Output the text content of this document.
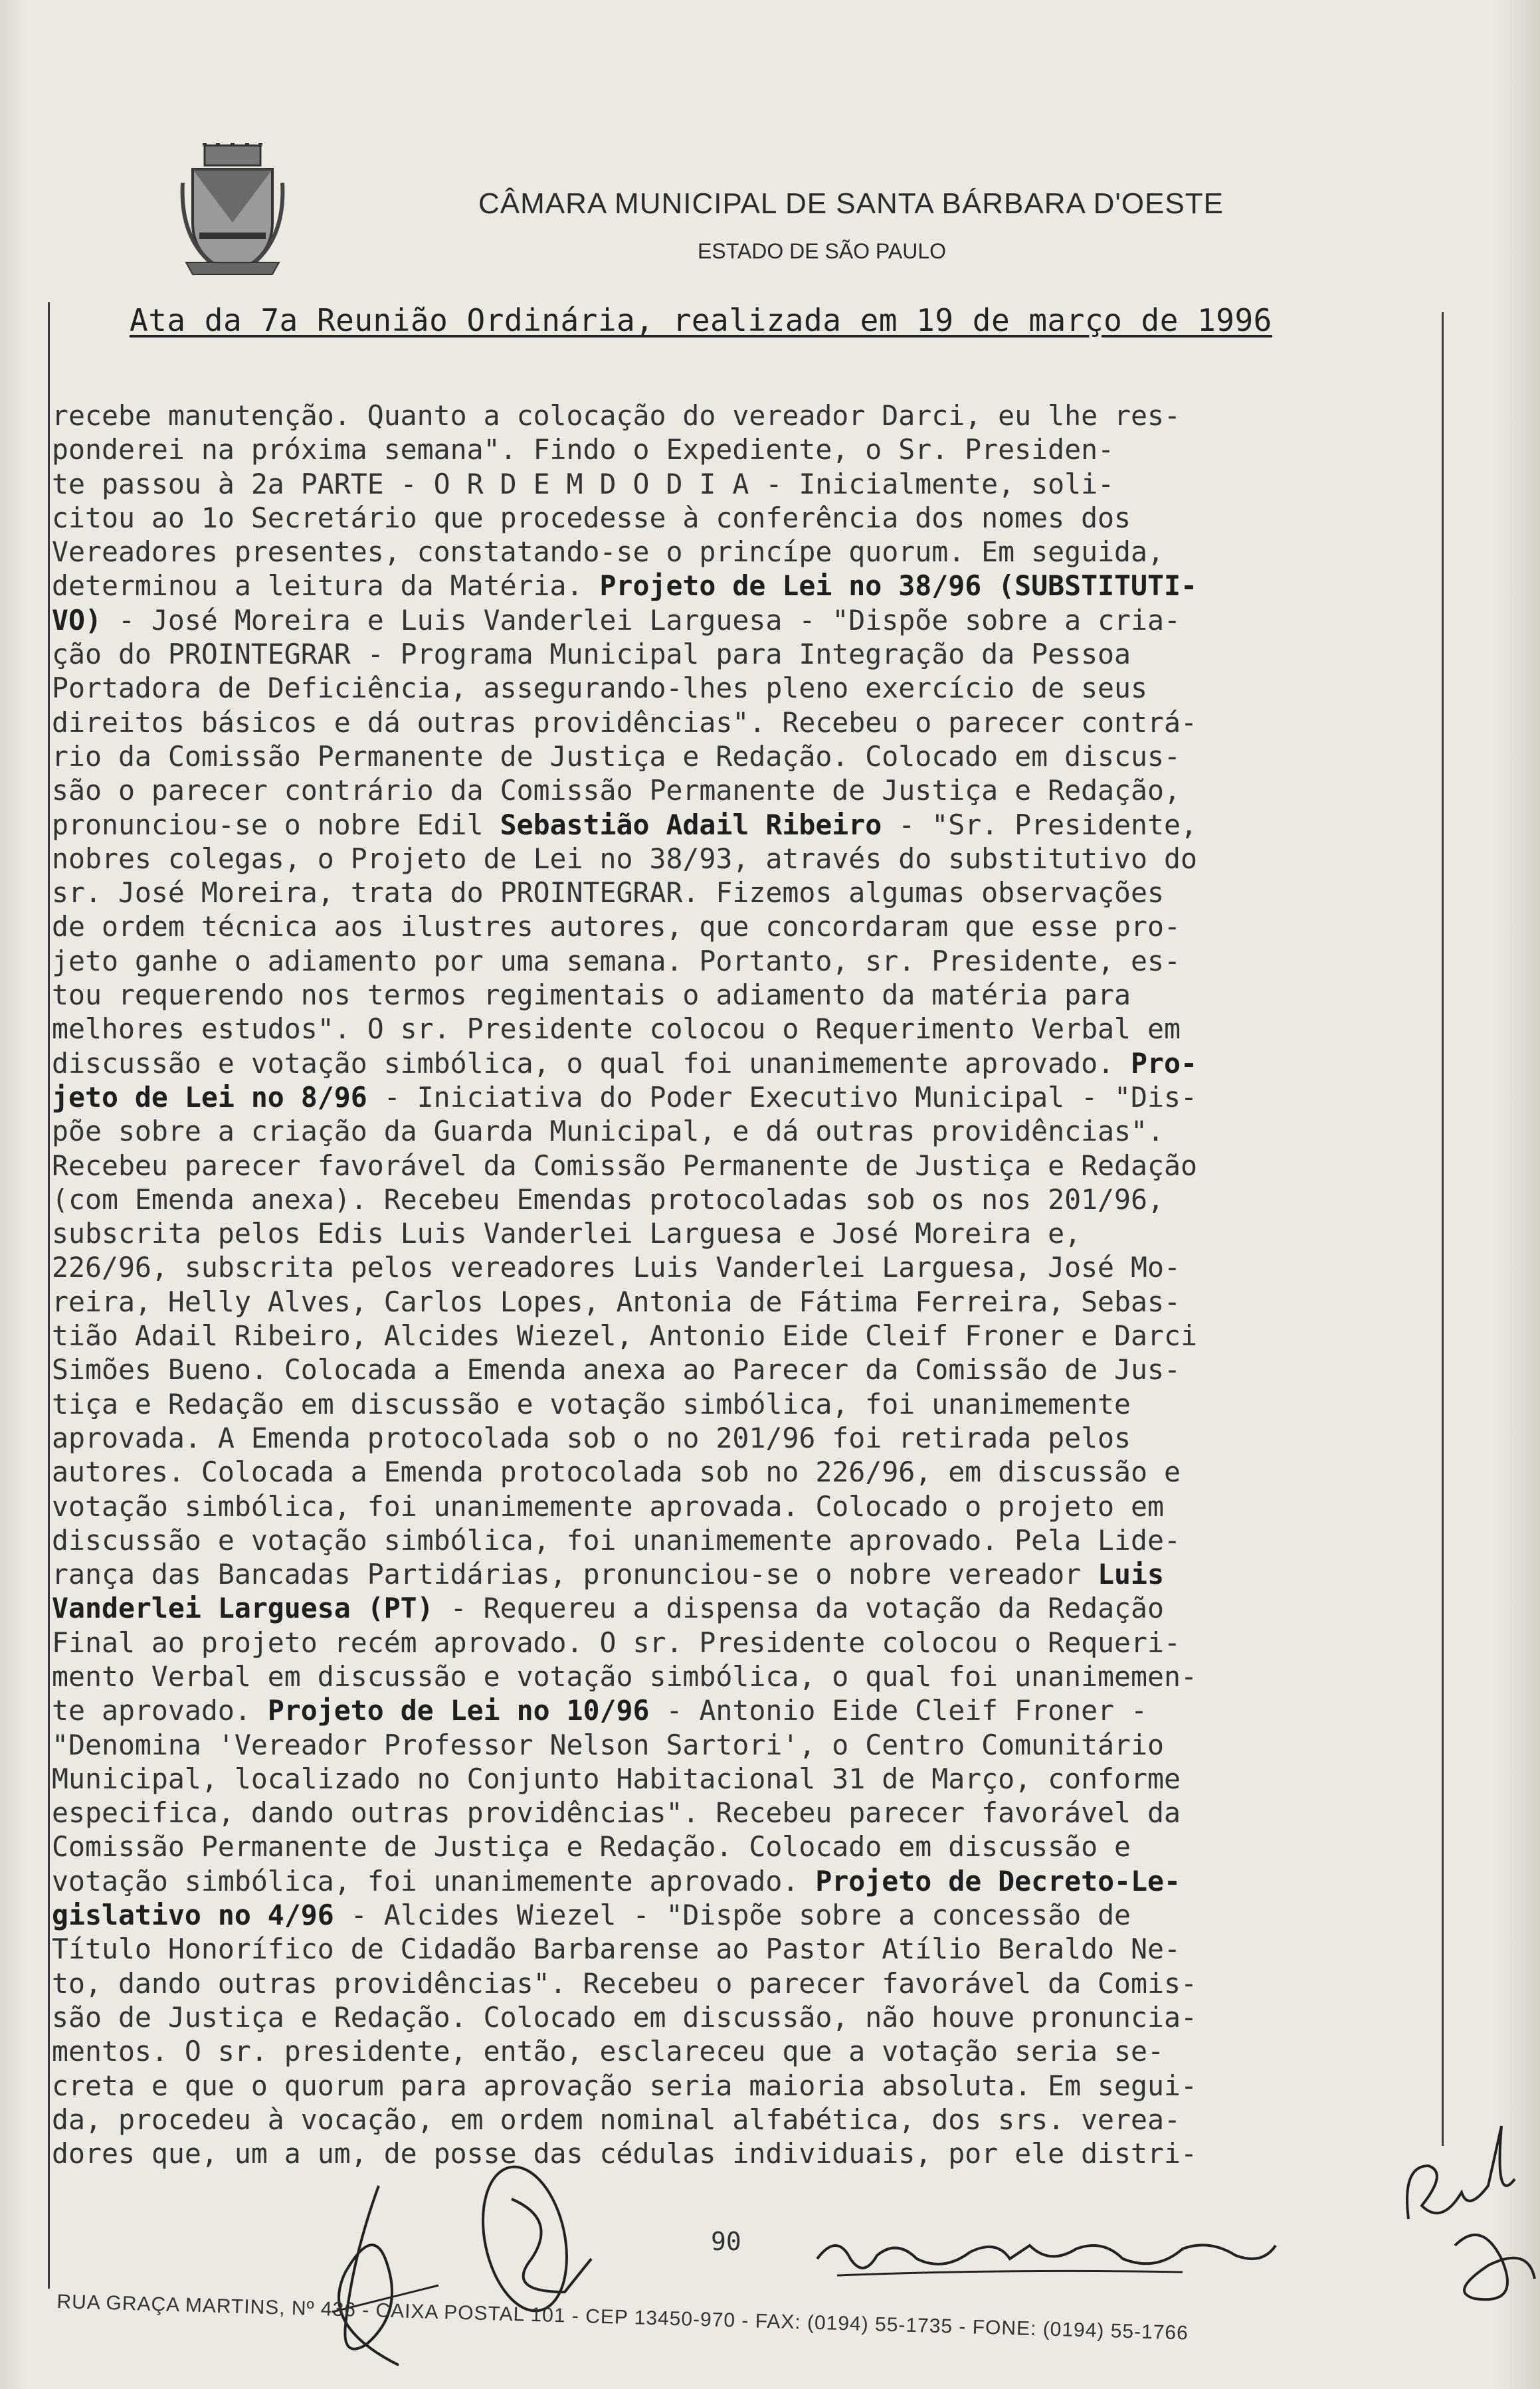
CÂMARA MUNICIPAL DE SANTA BÁRBARA D'OESTE
ESTADO DE SÃO PAULO
Ata da 7a Reunião Ordinária, realizada em 19 de março de 1996
recebe manutenção. Quanto a colocação do vereador Darci, eu lhe res-
ponderei na próxima semana". Findo o Expediente, o Sr. Presiden-
te passou à 2a PARTE - O R D E M D O D I A - Inicialmente, soli-
citou ao 1o Secretário que procedesse à conferência dos nomes dos
Vereadores presentes, constatando-se o princípe quorum. Em seguida,
determinou a leitura da Matéria. Projeto de Lei no 38/96 (SUBSTITUTI-
VO) - José Moreira e Luis Vanderlei Larguesa - "Dispõe sobre a cria-
ção do PROINTEGRAR - Programa Municipal para Integração da Pessoa
Portadora de Deficiência, assegurando-lhes pleno exercício de seus
direitos básicos e dá outras providências". Recebeu o parecer contrá-
rio da Comissão Permanente de Justiça e Redação. Colocado em discus-
são o parecer contrário da Comissão Permanente de Justiça e Redação,
pronunciou-se o nobre Edil Sebastião Adail Ribeiro - "Sr. Presidente,
nobres colegas, o Projeto de Lei no 38/93, através do substitutivo do
sr. José Moreira, trata do PROINTEGRAR. Fizemos algumas observações
de ordem técnica aos ilustres autores, que concordaram que esse pro-
jeto ganhe o adiamento por uma semana. Portanto, sr. Presidente, es-
tou requerendo nos termos regimentais o adiamento da matéria para
melhores estudos". O sr. Presidente colocou o Requerimento Verbal em
discussão e votação simbólica, o qual foi unanimemente aprovado. Pro-
jeto de Lei no 8/96 - Iniciativa do Poder Executivo Municipal - "Dis-
põe sobre a criação da Guarda Municipal, e dá outras providências".
Recebeu parecer favorável da Comissão Permanente de Justiça e Redação
(com Emenda anexa). Recebeu Emendas protocoladas sob os nos 201/96,
subscrita pelos Edis Luis Vanderlei Larguesa e José Moreira e,
226/96, subscrita pelos vereadores Luis Vanderlei Larguesa, José Mo-
reira, Helly Alves, Carlos Lopes, Antonia de Fátima Ferreira, Sebas-
tião Adail Ribeiro, Alcides Wiezel, Antonio Eide Cleif Froner e Darci
Simões Bueno. Colocada a Emenda anexa ao Parecer da Comissão de Jus-
tiça e Redação em discussão e votação simbólica, foi unanimemente
aprovada. A Emenda protocolada sob o no 201/96 foi retirada pelos
autores. Colocada a Emenda protocolada sob no 226/96, em discussão e
votação simbólica, foi unanimemente aprovada. Colocado o projeto em
discussão e votação simbólica, foi unanimemente aprovado. Pela Lide-
rança das Bancadas Partidárias, pronunciou-se o nobre vereador Luis
Vanderlei Larguesa (PT) - Requereu a dispensa da votação da Redação
Final ao projeto recém aprovado. O sr. Presidente colocou o Requeri-
mento Verbal em discussão e votação simbólica, o qual foi unanimemen-
te aprovado. Projeto de Lei no 10/96 - Antonio Eide Cleif Froner -
"Denomina 'Vereador Professor Nelson Sartori', o Centro Comunitário
Municipal, localizado no Conjunto Habitacional 31 de Março, conforme
especifica, dando outras providências". Recebeu parecer favorável da
Comissão Permanente de Justiça e Redação. Colocado em discussão e
votação simbólica, foi unanimemente aprovado. Projeto de Decreto-Le-
gislativo no 4/96 - Alcides Wiezel - "Dispõe sobre a concessão de
Título Honorífico de Cidadão Barbarense ao Pastor Atílio Beraldo Ne-
to, dando outras providências". Recebeu o parecer favorável da Comis-
são de Justiça e Redação. Colocado em discussão, não houve pronuncia-
mentos. O sr. presidente, então, esclareceu que a votação seria se-
creta e que o quorum para aprovação seria maioria absoluta. Em segui-
da, procedeu à vocação, em ordem nominal alfabética, dos srs. verea-
dores que, um a um, de posse das cédulas individuais, por ele distri-
90
RUA GRAÇA MARTINS, Nº 436 - CAIXA POSTAL 101 - CEP 13450-970 - FAX: (0194) 55-1735 - FONE: (0194) 55-1766
